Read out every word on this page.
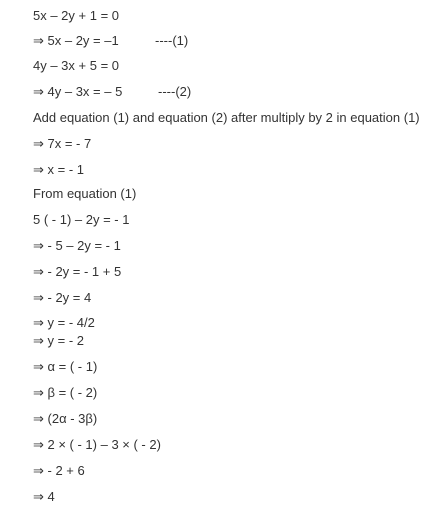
5x – 2y + 1 = 0
⇒ 5x – 2y = –1	----(1)
4y – 3x + 5 = 0
⇒ 4y – 3x = – 5	----(2)
Add equation (1) and equation (2) after multiply by 2 in equation (1)
⇒ 7x = - 7
⇒ x = - 1
From equation (1)
5 ( - 1) – 2y = - 1
⇒ - 5 – 2y = - 1
⇒ - 2y = - 1 + 5
⇒ - 2y = 4
⇒ y = - 4/2
⇒ y = - 2
⇒ α = ( - 1)
⇒ β = ( - 2)
⇒ (2α - 3β)
⇒ 2 × ( - 1) – 3 × ( - 2)
⇒ - 2 + 6
⇒ 4
